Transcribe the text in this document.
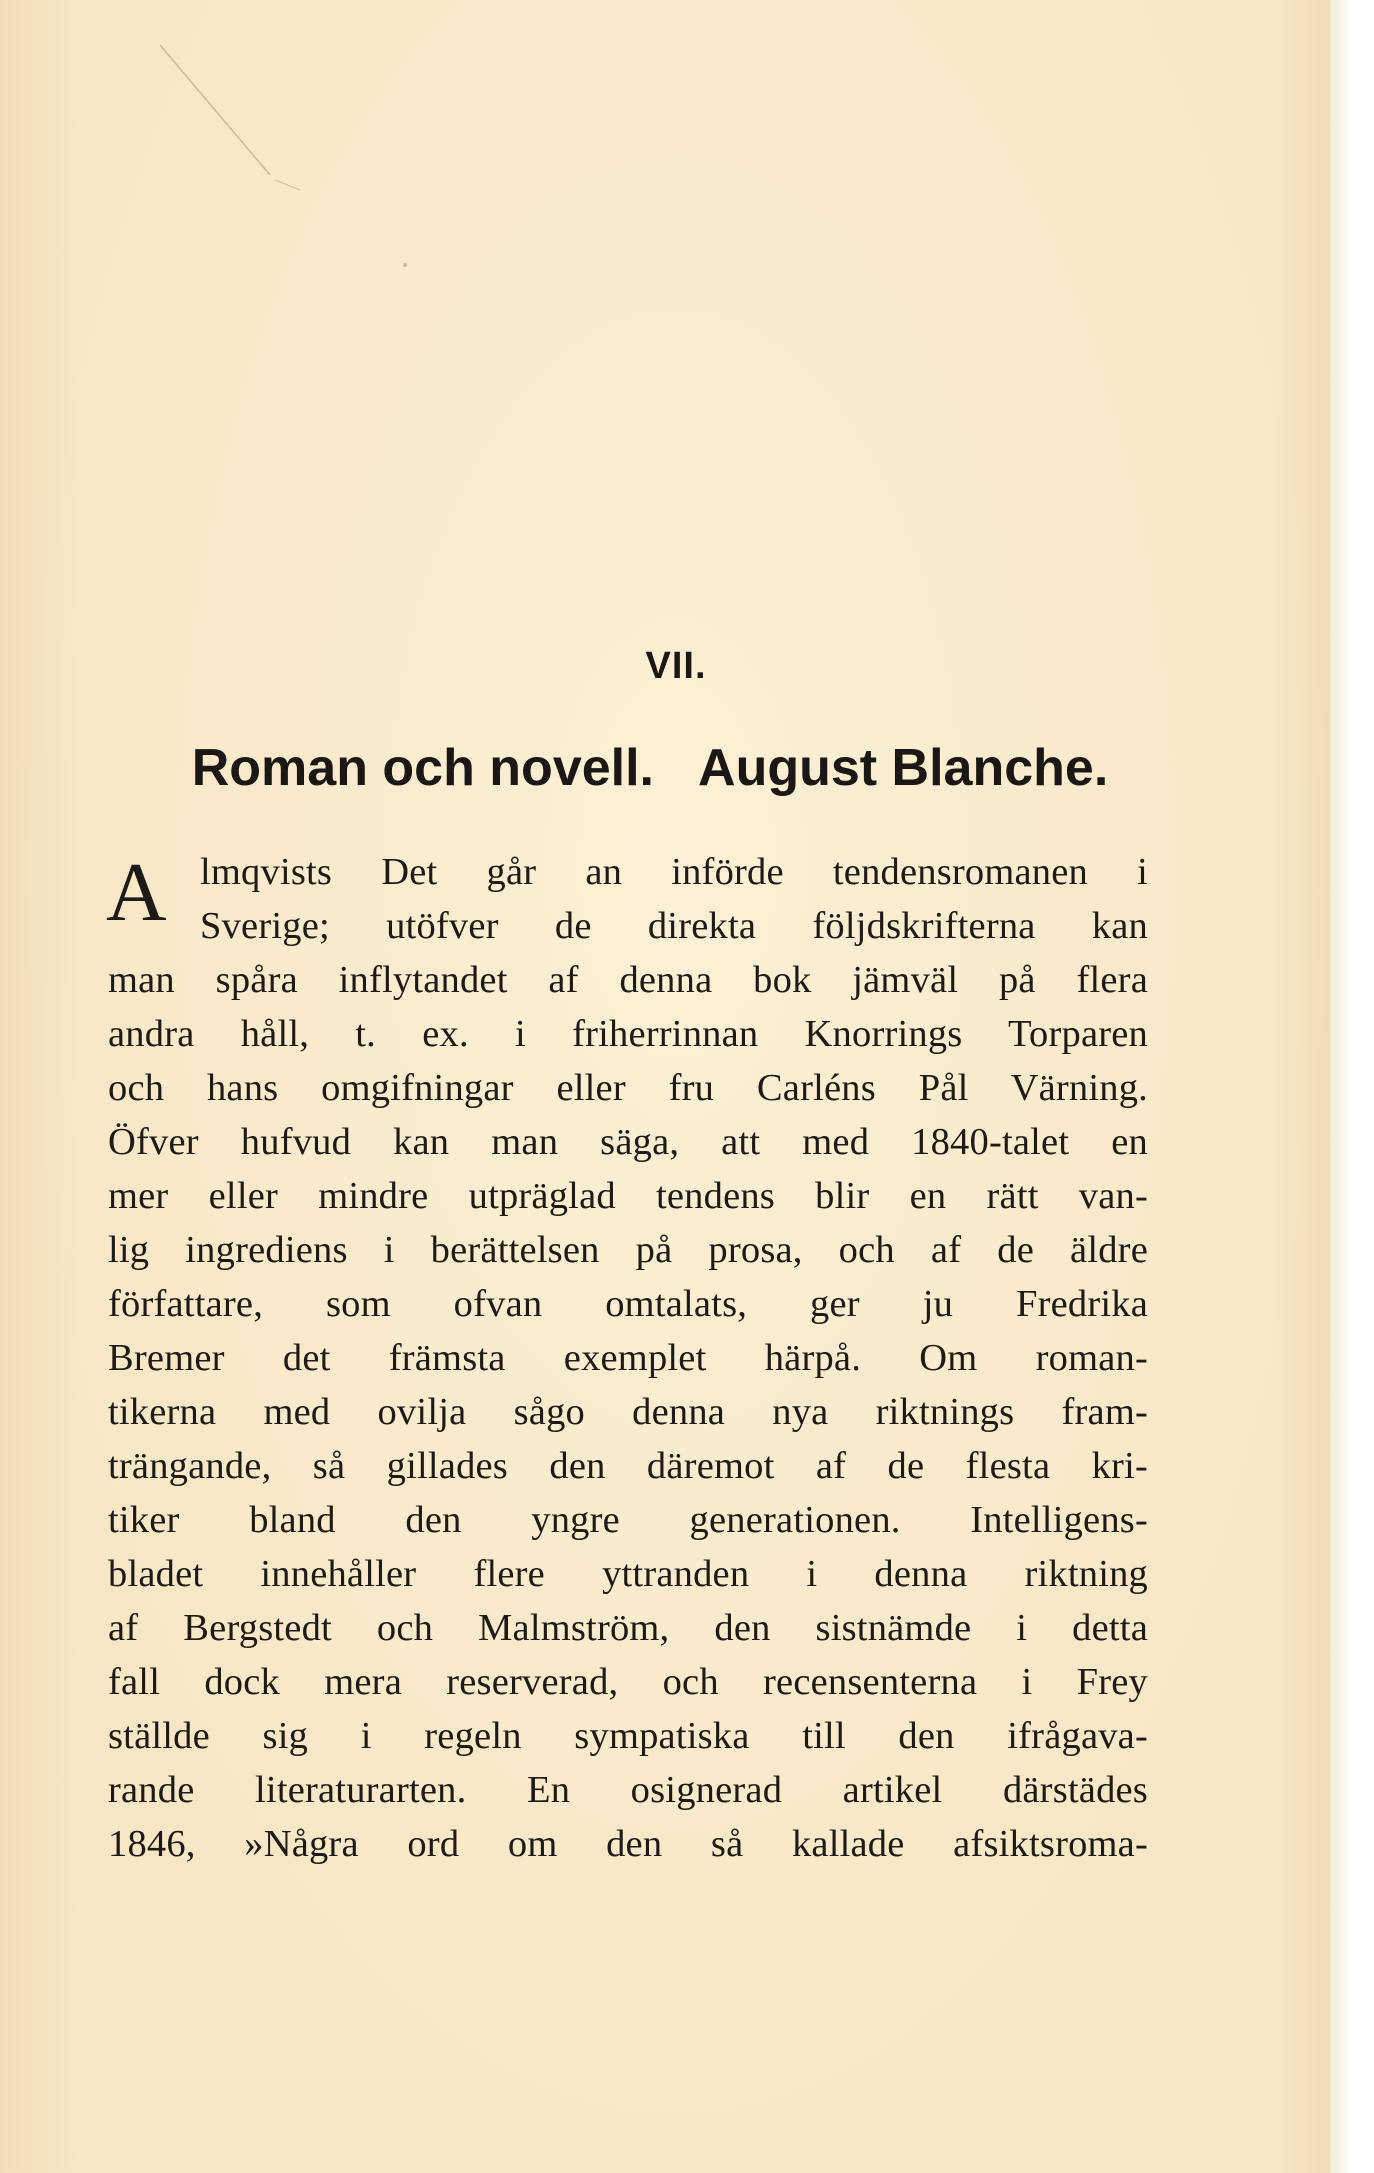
VII.
Roman och novell. August Blanche.
A lmqvists Det går an införde tendensromanen i
Sverige; utöfver de direkta följdskrifterna kan
man spåra inflytandet af denna bok jämväl på flera
andra håll, t. ex. i friherrinnan Knorrings Torparen
och hans omgifningar eller fru Carléns Pål Värning.
Öfver hufvud kan man säga, att med 1840-talet en
mer eller mindre utpräglad tendens blir en rätt van-
lig ingrediens i berättelsen på prosa, och af de äldre
författare, som ofvan omtalats, ger ju Fredrika
Bremer det främsta exemplet härpå. Om roman-
tikerna med ovilja sågo denna nya riktnings fram-
trängande, så gillades den däremot af de flesta kri-
tiker bland den yngre generationen. Intelligens-
bladet innehåller flere yttranden i denna riktning
af Bergstedt och Malmström, den sistnämde i detta
fall dock mera reserverad, och recensenterna i Frey
ställde sig i regeln sympatiska till den ifrågava-
rande literaturarten. En osignerad artikel därstädes
1846, »Några ord om den så kallade afsiktsroma-
